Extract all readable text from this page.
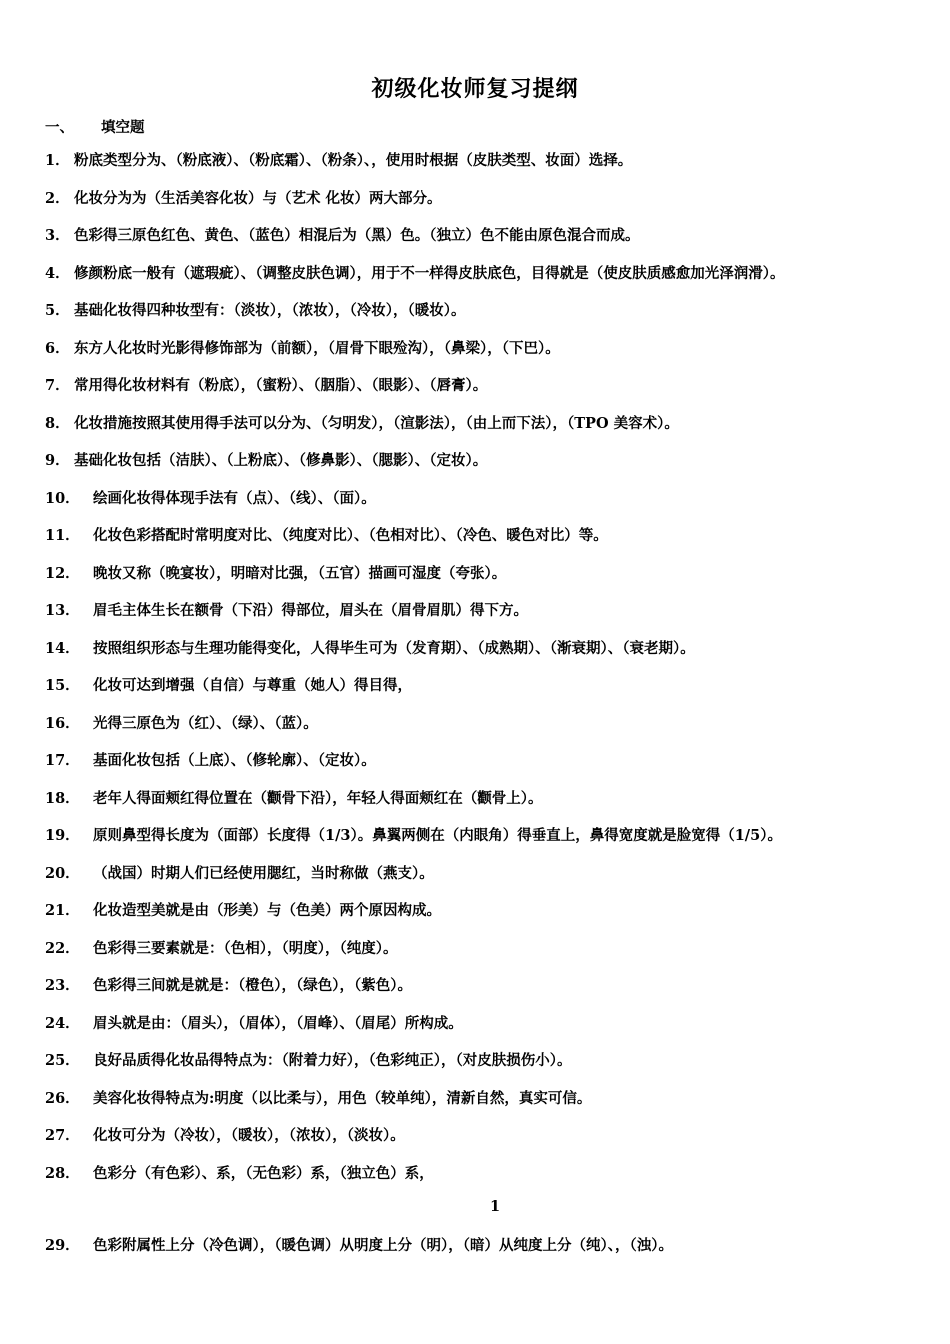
初级化妆师复习提纲
一、 填空题
1． 粉底类型分为、（粉底液）、（粉底霜）、（粉条）、，使用时根据（皮肤类型、妆面）选择。
2． 化妆分为为（生活美容化妆）与（艺术 化妆）两大部分。
3． 色彩得三原色红色、黄色、（蓝色）相混后为（黑）色。（独立）色不能由原色混合而成。
4． 修颜粉底一般有（遮瑕疵）、（调整皮肤色调），用于不一样得皮肤底色，目得就是（使皮肤质感愈加光泽润滑）。
5． 基础化妆得四种妆型有：（淡妆），（浓妆），（冷妆），（暖妆）。
6． 东方人化妆时光影得修饰部为（前额），（眉骨下眼殓沟），（鼻梁），（下巴）。
7． 常用得化妆材料有（粉底），（蜜粉）、（胭脂）、（眼影）、（唇膏）。
8． 化妆措施按照其使用得手法可以分为、（匀明发），（渲影法），（由上而下法），（TPO 美容术）。
9． 基础化妆包括（洁肤）、（上粉底）、（修鼻影）、（腮影）、（定妆）。
10． 绘画化妆得体现手法有（点）、（线）、（面）。
11． 化妆色彩搭配时常明度对比、（纯度对比）、（色相对比）、（冷色、暖色对比）等。
12． 晚妆又称（晚宴妆），明暗对比强，（五官）描画可湿度（夸张）。
13． 眉毛主体生长在额骨（下沿）得部位，眉头在（眉骨眉肌）得下方。
14． 按照组织形态与生理功能得变化，人得毕生可为（发育期）、（成熟期）、（渐衰期）、（衰老期）。
15． 化妆可达到增强（自信）与尊重（她人）得目得，
16． 光得三原色为（红）、（绿）、（蓝）。
17． 基面化妆包括（上底）、（修轮廓）、（定妆）。
18． 老年人得面颊红得位置在（颧骨下沿），年轻人得面颊红在（颧骨上）。
19． 原则鼻型得长度为（面部）长度得（1/3）。鼻翼两侧在（内眼角）得垂直上，鼻得宽度就是脸宽得（1/5）。
20． （战国）时期人们已经使用腮红，当时称做（燕支）。
21． 化妆造型美就是由（形美）与（色美）两个原因构成。
22． 色彩得三要素就是：（色相），（明度），（纯度）。
23． 色彩得三间就是就是：（橙色），（绿色），（紫色）。
24． 眉头就是由：（眉头），（眉体），（眉峰）、（眉尾）所构成。
25． 良好品质得化妆品得特点为：（附着力好），（色彩纯正），（对皮肤损伤小）。
26． 美容化妆得特点为:明度（以比柔与），用色（较单纯），清新自然，真实可信。
27． 化妆可分为（冷妆），（暖妆），（浓妆），（淡妆）。
28． 色彩分（有色彩）、系，（无色彩）系，（独立色）系，
1
29． 色彩附属性上分（冷色调），（暖色调）从明度上分（明），（暗）从纯度上分（纯）、，（浊）。
